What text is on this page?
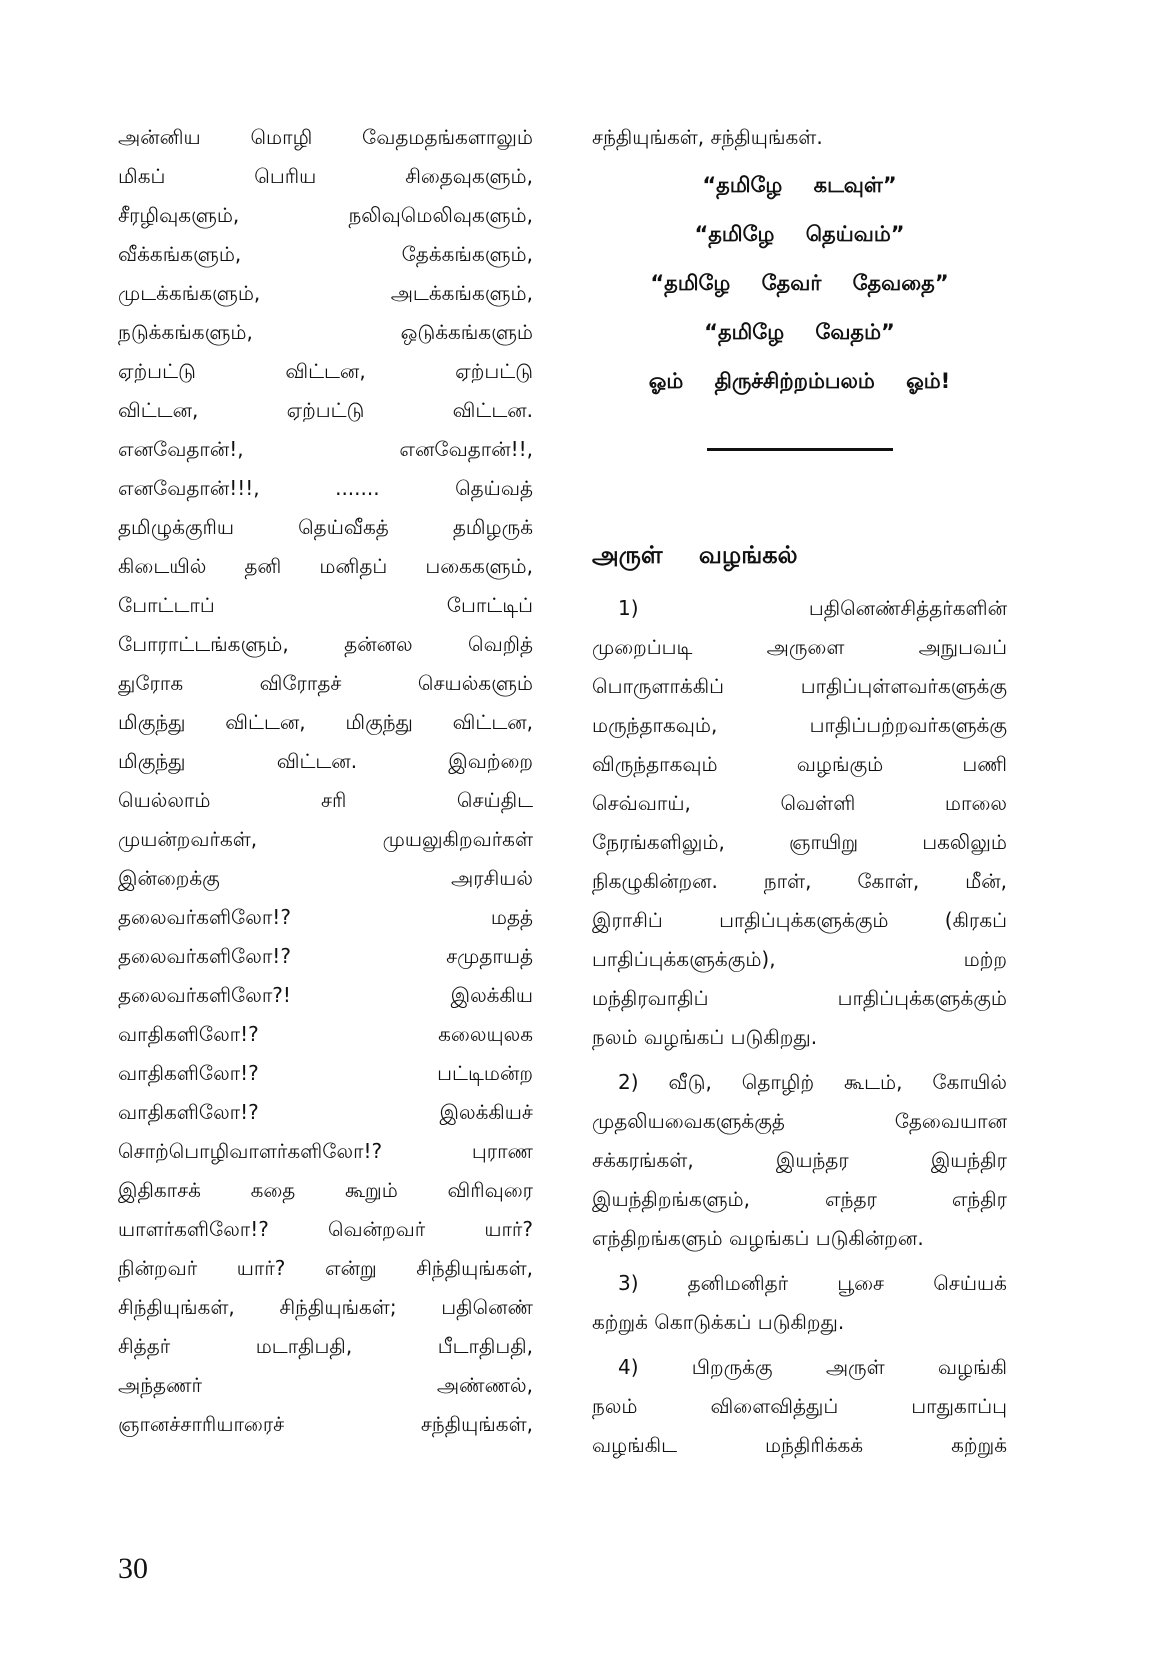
அன்னிய மொழி வேதமதங்களாலும்
மிகப்	பெரிய	சிதைவுகளும்,
சீரழிவுகளும்,	நலிவுமெலிவுகளும்,
வீக்கங்களும்,	தேக்கங்களும்,
முடக்கங்களும்,	அடக்கங்களும்,
நடுக்கங்களும்,	ஒடுக்கங்களும்
ஏற்பட்டு	விட்டன,	ஏற்பட்டு
விட்டன,	ஏற்பட்டு	விட்டன.
எனவேதான்!,	எனவேதான்!!,
எனவேதான்!!!,	.......	தெய்வத்
தமிழுக்குரிய	தெய்வீகத்	தமிழருக்
கிடையில் தனி மனிதப் பகைகளும்,
போட்டாப்	போட்டிப்
போராட்டங்களும்,	தன்னல	வெறித்
துரோக	விரோதச்	செயல்களும்
மிகுந்து விட்டன, மிகுந்து விட்டன,
மிகுந்து	விட்டன.	இவற்றை
யெல்லாம்	சரி	செய்திட
முயன்றவர்கள்,	முயலுகிறவர்கள்
இன்றைக்கு	அரசியல்
தலைவர்களிலோ!?	மதத்
தலைவர்களிலோ!?	சமுதாயத்
தலைவர்களிலோ?!	இலக்கிய
வாதிகளிலோ!?	கலையுலக
வாதிகளிலோ!?	பட்டிமன்ற
வாதிகளிலோ!?	இலக்கியச்
சொற்பொழிவாளர்களிலோ!?	புராண
இதிகாசக் கதை கூறும் விரிவுரை
யாளர்களிலோ!?	வென்றவர்	யார்?
நின்றவர் யார்? என்று சிந்தியுங்கள்,
சிந்தியுங்கள், சிந்தியுங்கள்; பதினெண்
சித்தர்	மடாதிபதி,	பீடாதிபதி,
அந்தணர்	அண்ணல்,
ஞானச்சாரியாரைச்	சந்தியுங்கள்,
சந்தியுங்கள், சந்தியுங்கள்.
“தமிழே கடவுள்”
“தமிழே தெய்வம்”
“தமிழே தேவர் தேவதை”
“தமிழே வேதம்”
ஓம் திருச்சிற்றம்பலம் ஓம்!
அருள் வழங்கல்
1)	பதினெண்சித்தர்களின்
முறைப்படி	அருளை	அநுபவப்
பொருளாக்கிப்	பாதிப்புள்ளவர்களுக்கு
மருந்தாகவும்,	பாதிப்பற்றவர்களுக்கு
விருந்தாகவும்	வழங்கும்	பணி
செவ்வாய்,	வெள்ளி	மாலை
நேரங்களிலும்,	ஞாயிறு	பகலிலும்
நிகழுகின்றன. நாள், கோள், மீன்,
இராசிப்	பாதிப்புக்களுக்கும்	(கிரகப்
பாதிப்புக்களுக்கும்),	மற்ற
மந்திரவாதிப்	பாதிப்புக்களுக்கும்
நலம் வழங்கப் படுகிறது.
2) வீடு, தொழிற் கூடம், கோயில்
முதலியவைகளுக்குத்	தேவையான
சக்கரங்கள்,	இயந்தர	இயந்திர
இயந்திறங்களும்,	எந்தர	எந்திர
எந்திறங்களும் வழங்கப் படுகின்றன.
3) தனிமனிதர் பூசை செய்யக்
கற்றுக் கொடுக்கப் படுகிறது.
4)	பிறருக்கு	அருள்	வழங்கி
நலம்	விளைவித்துப்	பாதுகாப்பு
வழங்கிட	மந்திரிக்கக்	கற்றுக்
30
